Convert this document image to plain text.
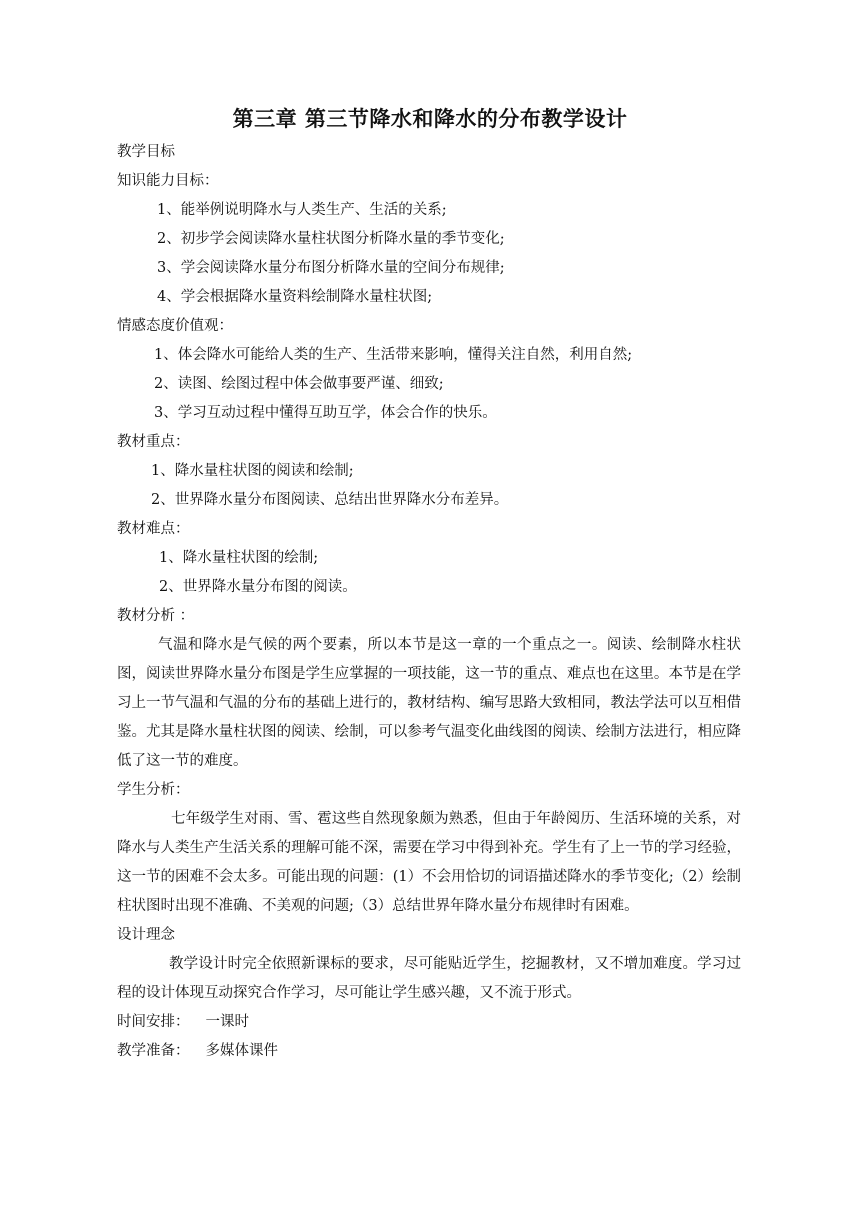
第三章 第三节降水和降水的分布教学设计
教学目标
知识能力目标：
1、能举例说明降水与人类生产、生活的关系;
2、初步学会阅读降水量柱状图分析降水量的季节变化;
3、学会阅读降水量分布图分析降水量的空间分布规律;
4、学会根据降水量资料绘制降水量柱状图;
情感态度价值观：
1、体会降水可能给人类的生产、生活带来影响，懂得关注自然，利用自然;
2、读图、绘图过程中体会做事要严谨、细致;
3、学习互动过程中懂得互助互学，体会合作的快乐。
教材重点：
1、降水量柱状图的阅读和绘制;
2、世界降水量分布图阅读、总结出世界降水分布差异。
教材难点：
1、降水量柱状图的绘制;
2、世界降水量分布图的阅读。
教材分析 ：
气温和降水是气候的两个要素，所以本节是这一章的一个重点之一。阅读、绘制降水柱状图，阅读世界降水量分布图是学生应掌握的一项技能，这一节的重点、难点也在这里。本节是在学习上一节气温和气温的分布的基础上进行的，教材结构、编写思路大致相同，教法学法可以互相借鉴。尤其是降水量柱状图的阅读、绘制，可以参考气温变化曲线图的阅读、绘制方法进行，相应降低了这一节的难度。
学生分析：
七年级学生对雨、雪、雹这些自然现象颇为熟悉，但由于年龄阅历、生活环境的关系，对降水与人类生产生活关系的理解可能不深，需要在学习中得到补充。学生有了上一节的学习经验，这一节的困难不会太多。可能出现的问题：(1）不会用恰切的词语描述降水的季节变化;（2）绘制柱状图时出现不准确、不美观的问题;（3）总结世界年降水量分布规律时有困难。
设计理念
教学设计时完全依照新课标的要求，尽可能贴近学生，挖掘教材，又不增加难度。学习过程的设计体现互动探究合作学习，尽可能让学生感兴趣，又不流于形式。
时间安排： 一课时
教学准备： 多媒体课件
